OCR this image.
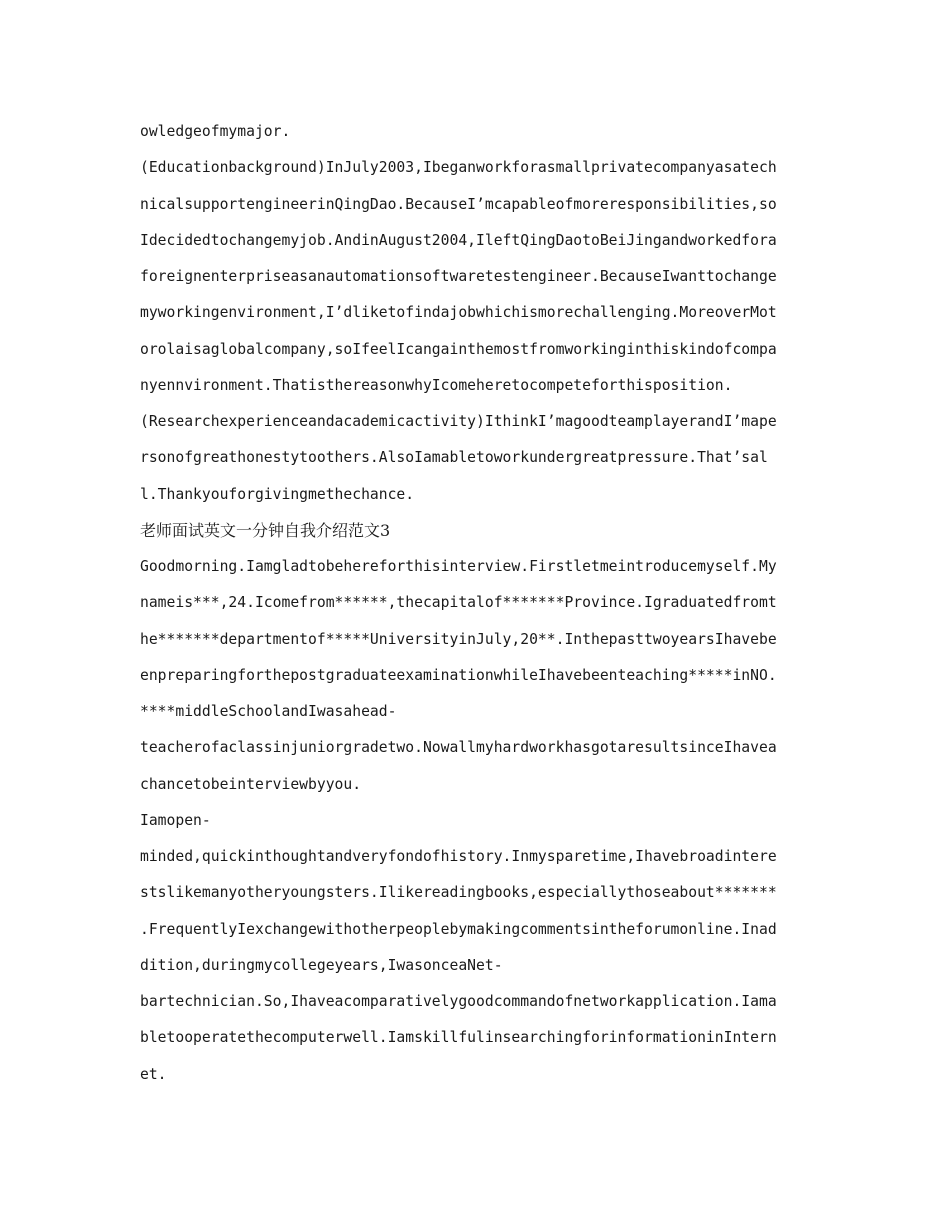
owledgeofmymajor.
(Educationbackground)InJuly2003,Ibeganworkforasmallprivatecompanyasatech
nicalsupportengineerinQingDao.BecauseI’mcapableofmoreresponsibilities,so
Idecidedtochangemyjob.AndinAugust2004,IleftQingDaotoBeiJingandworkedfora
foreignenterpriseasanautomationsoftwaretestengineer.BecauseIwanttochange
myworkingenvironment,I’dliketofindajobwhichismorechallenging.MoreoverMot
orolaisaglobalcompany,soIfeelIcangainthemostfromworkinginthiskindofcompa
nyennvironment.ThatisthereasonwhyIcomeheretocompeteforthisposition.
(Researchexperienceandacademicactivity)IthinkI’magoodteamplayerandI’mape
rsonofgreathonestytoothers.AlsoIamabletoworkundergreatpressure.That’sal
l.Thankyouforgivingmethechance.
老师面试英文一分钟自我介绍范文3
Goodmorning.Iamgladtobehereforthisinterview.Firstletmeintroducemyself.My
nameis***,24.Icomefrom******,thecapitalof*******Province.Igraduatedfromt
he*******departmentof*****UniversityinJuly,20**.InthepasttwoyearsIhavebe
enpreparingforthepostgraduateexaminationwhileIhavebeenteaching*****inNO.
****middleSchoolandIwasahead-
teacherofaclassinjuniorgradetwo.NowallmyhardworkhasgotaresultsinceIhavea
chancetobeinterviewbyyou.
Iamopen-
minded,quickinthoughtandveryfondofhistory.Inmysparetime,Ihavebroadintere
stslikemanyotheryoungsters.Ilikereadingbooks,especiallythoseabout*******
.FrequentlyIexchangewithotherpeoplebymakingcommentsintheforumonline.Inad
dition,duringmycollegeyears,IwasonceaNet-
bartechnician.So,Ihaveacomparativelygoodcommandofnetworkapplication.Iama
bletooperatethecomputerwell.IamskillfulinsearchingforinformationinIntern
et.
